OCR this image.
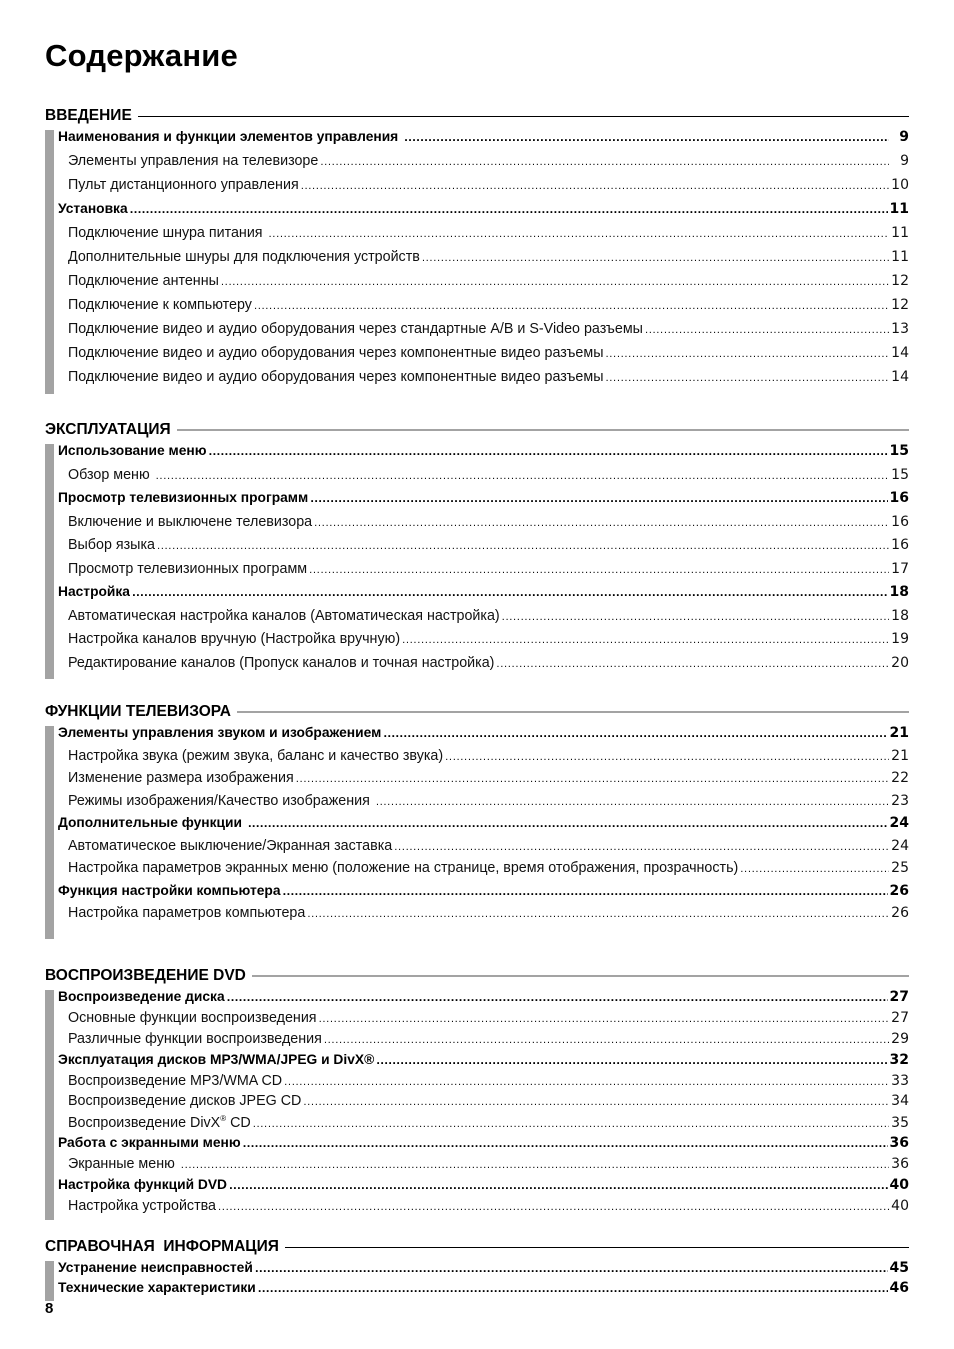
Содержание
ВВЕДЕНИЕ
Наименования и функции элементов управления .....	9
Элементы управления на телевизоре .....	9
Пульт дистанционного управления .....	10
Установка .....	11
Подключение шнура питания .....	11
Дополнительные шнуры для подключения устройств .....	11
Подключение антенны .....	12
Подключение к компьютеру .....	12
Подключение видео и аудио оборудования через стандартные A/B и S-Video разъемы .....	13
Подключение видео и аудио оборудования через компонентные видео разъемы .....	14
Подключение видео и аудио оборудования через компонентные видео разъемы .....	14
ЭКСПЛУАТАЦИЯ
Использование меню .....	15
Обзор меню .....	15
Просмотр телевизионных программ .....	16
Включение и выключене телевизора .....	16
Выбор языка .....	16
Просмотр телевизионных программ .....	17
Настройка .....	18
Автоматическая настройка каналов (Автоматическая настройка) .....	18
Настройка каналов вручную (Настройка вручную) .....	19
Редактирование каналов (Пропуск каналов и точная настройка) .....	20
ФУНКЦИИ ТЕЛЕВИЗОРА
Элементы управления звуком и изображением .....	21
Настройка звука (режим звука, баланс и качество звука) .....	21
Изменение размера изображения .....	22
Режимы изображения/Качество изображения .....	23
Дополнительные функции .....	24
Автоматическое выключение/Экранная заставка .....	24
Настройка параметров экранных меню (положение на странице, время отображения, прозрачность) .....	25
Функция настройки компьютера .....	26
Настройка параметров компьютера .....	26
ВОСПРОИЗВЕДЕНИЕ DVD
Воспроизведение диска .....	27
Основные функции воспроизведения .....	27
Различные функции воспроизведения .....	29
Эксплуатация дисков MP3/WMA/JPEG и DivX® .....	32
Воспроизведение MP3/WMA CD .....	33
Воспроизведение дисков JPEG CD .....	34
Воспроизведение DivX® CD .....	35
Работа с экранными меню .....	36
Экранные меню .....	36
Настройка функций DVD .....	40
Настройка устройства .....	40
СПРАВОЧНАЯ  ИНФОРМАЦИЯ
Устранение неисправностей .....	45
Технические характеристики .....	46
8
